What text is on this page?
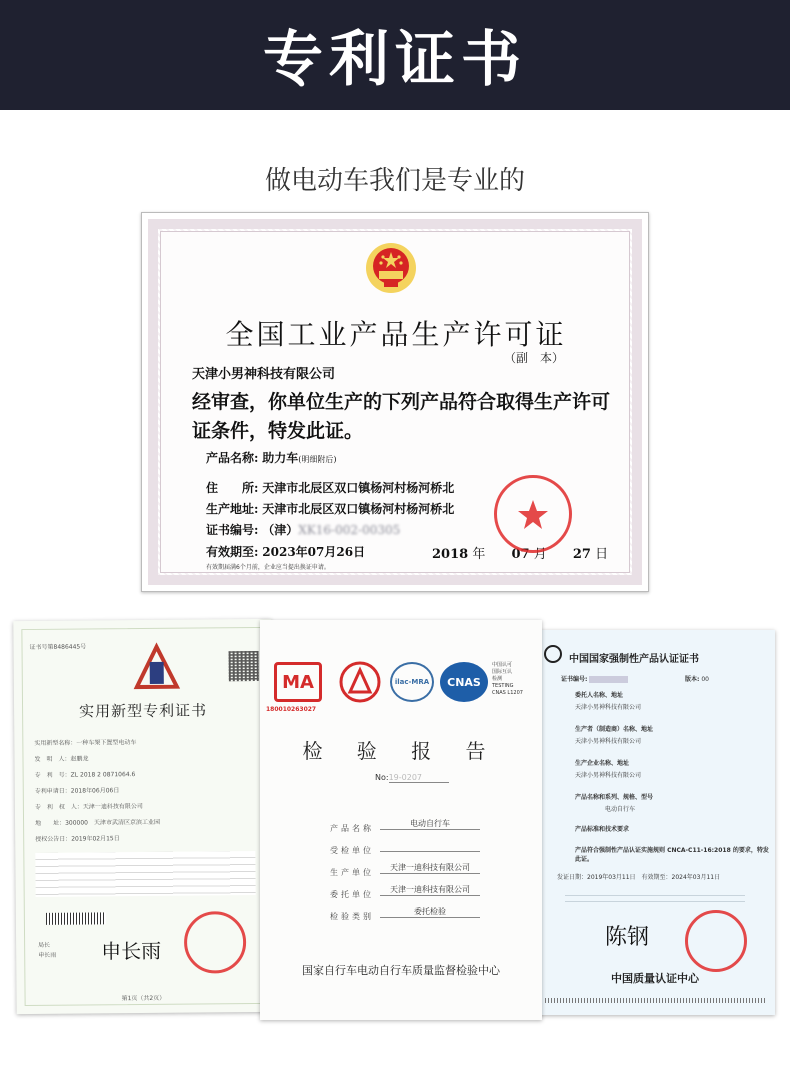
专利证书
做电动车我们是专业的
全国工业产品生产许可证
（副　本）
天津小男神科技有限公司
经审查，你单位生产的下列产品符合取得生产许可证条件，特发此证。
产品名称: 助力车(明细附后)
住　　所: 天津市北辰区双口镇杨河村杨河桥北
生产地址: 天津市北辰区双口镇杨河村杨河桥北
证书编号: （津）XK16-002-00305
有效期至: 2023年07月26日	2018 年 07 月 27 日
有效期届满6个月前，企业应当提出换证申请。
证书号第8486445号
实用新型专利证书
实用新型名称：一种车架下置型电动车
发　明　人：赵鹏龙
专　利　号：ZL 2018 2 0871064.6
专利申请日：2018年06月06日
专　利　权　人：天津一迪科技有限公司
地　　址：300000　天津市武清区京滨工业园
授权公告日：2019年02月15日
局长
申长雨 申长雨
第1页（共2页）
中国国家强制性产品认证证书
证书编号: 2019011111	版本: 00
委托人名称、地址
天津小男神科技有限公司
生产者（制造商）名称、地址
天津小男神科技有限公司
生产企业名称、地址
天津小男神科技有限公司
产品名称和系列、规格、型号
电动自行车
产品标准和技术要求
产品符合强制性产品认证实施规则 CNCA-C11-16:2018 的要求，特发此证。
发证日期：2019年03月11日　有效期至：2024年03月11日
陈钢
中国质量认证中心
MA
180010263027
ilac-MRA CNAS
中国认可
国际互认
检测
TESTING
CNAS L1207
检 验 报 告
No:19-0207
产品名称
电动自行车
受检单位
生产单位
天津一迪科技有限公司
委托单位
天津一迪科技有限公司
检验类别
委托检验
国家自行车电动自行车质量监督检验中心
